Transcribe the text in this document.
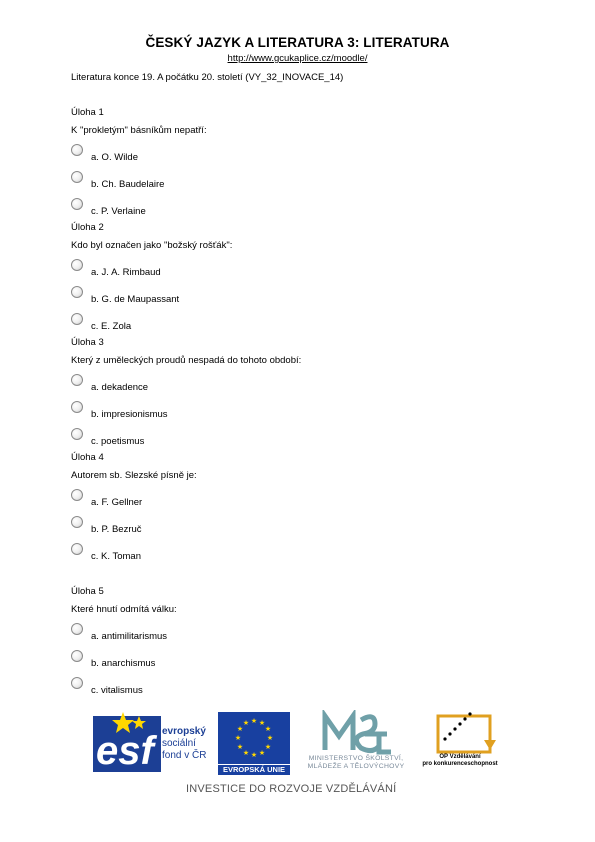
ČESKÝ JAZYK A LITERATURA 3: LITERATURA
http://www.gcukaplice.cz/moodle/
Literatura konce 19. A počátku 20. století (VY_32_INOVACE_14)
Úloha 1
K "prokletým" básníkům nepatří:
a. O. Wilde
b. Ch. Baudelaire
c. P. Verlaine
Úloha 2
Kdo byl označen jako "božský rošťák":
a. J. A. Rimbaud
b. G. de Maupassant
c. E. Zola
Úloha 3
Který z uměleckých proudů nespadá do tohoto období:
a. dekadence
b. impresionismus
c. poetismus
Úloha 4
Autorem sb. Slezské písně je:
a. F. Gellner
b. P. Bezruč
c. K. Toman
Úloha 5
Které hnutí odmítá válku:
a. antimilitarismus
b. anarchismus
c. vitalismus
esf evropský
sociální
fond v ČR
★ ★
★
★
★
★
★
★
★
★
★
★
EVROPSKÁ UNIE
MINISTERSTVO ŠKOLSTVÍ,
MLÁDEŽE A TĚLOVÝCHOVY
OP Vzdělávání
pro konkurenceschopnost
INVESTICE DO ROZVOJE VZDĚLÁVÁNÍ
